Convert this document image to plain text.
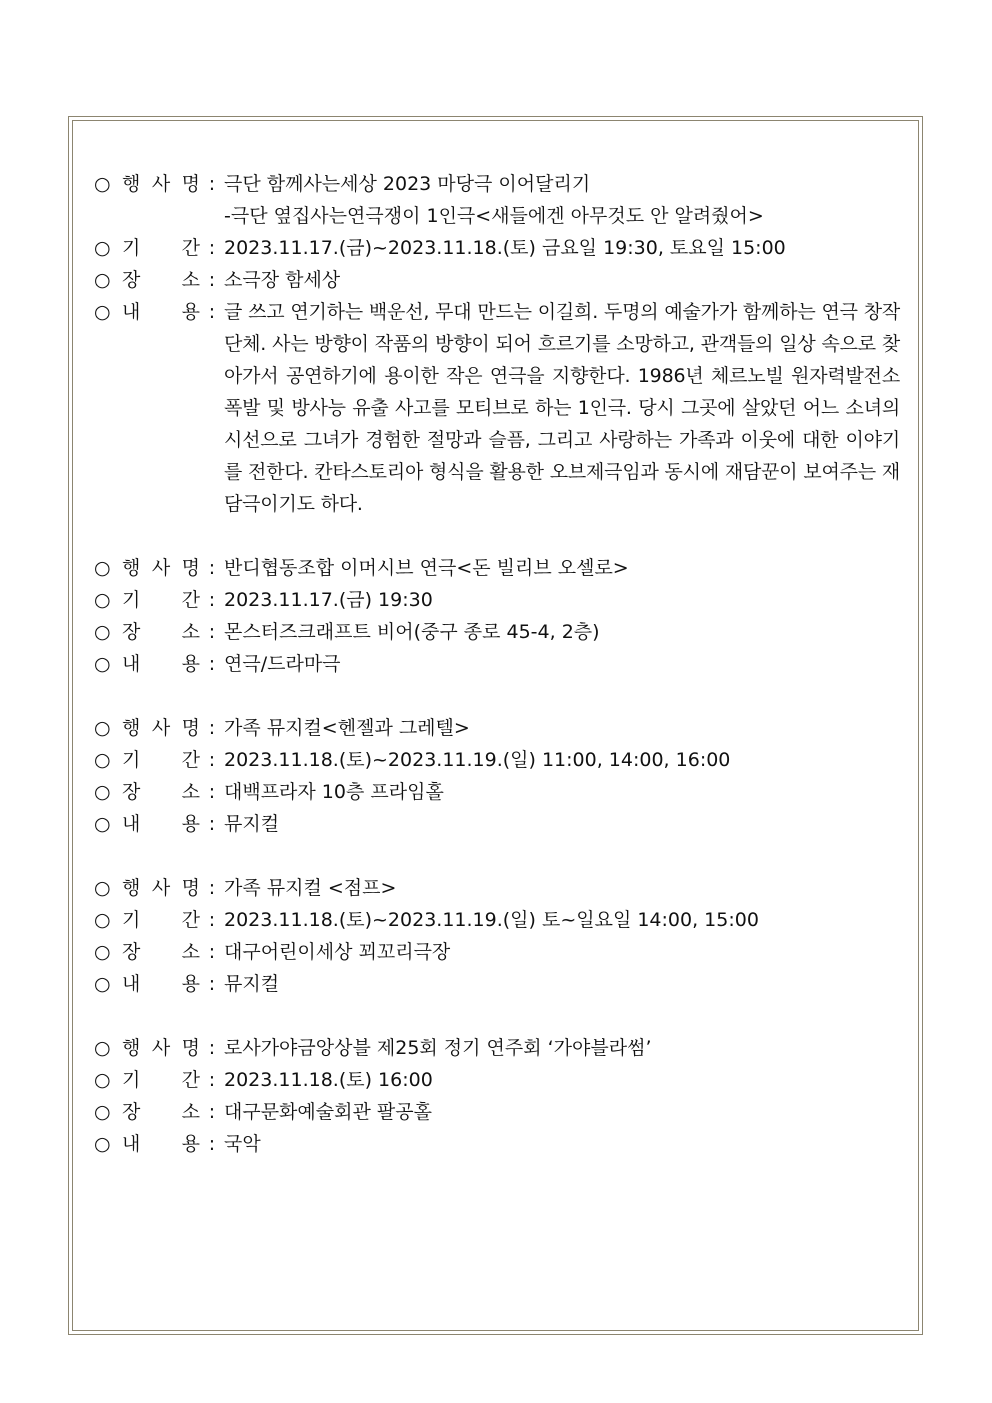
○ 행 사 명 : 극단 함께사는세상 2023 마당극 이어달리기
-극단 옆집사는연극쟁이 1인극<새들에겐 아무것도 안 알려줬어>
○ 기 간 : 2023.11.17.(금)~2023.11.18.(토) 금요일 19:30, 토요일 15:00
○ 장 소 : 소극장 함세상
○ 내 용 : 글 쓰고 연기하는 백운선, 무대 만드는 이길희. 두명의 예술가가 함께하는 연극 창작 단체. 사는 방향이 작품의 방향이 되어 흐르기를 소망하고, 관객들의 일상 속으로 찾아가서 공연하기에 용이한 작은 연극을 지향한다. 1986년 체르노빌 원자력발전소 폭발 및 방사능 유출 사고를 모티브로 하는 1인극. 당시 그곳에 살았던 어느 소녀의 시선으로 그녀가 경험한 절망과 슬픔, 그리고 사랑하는 가족과 이웃에 대한 이야기를 전한다. 칸타스토리아 형식을 활용한 오브제극임과 동시에 재담꾼이 보여주는 재담극이기도 하다.
○ 행 사 명 : 반디협동조합 이머시브 연극<돈 빌리브 오셀로>
○ 기 간 : 2023.11.17.(금) 19:30
○ 장 소 : 몬스터즈크래프트 비어(중구 종로 45-4, 2층)
○ 내 용 : 연극/드라마극
○ 행 사 명 : 가족 뮤지컬<헨젤과 그레텔>
○ 기 간 : 2023.11.18.(토)~2023.11.19.(일) 11:00, 14:00, 16:00
○ 장 소 : 대백프라자 10층 프라임홀
○ 내 용 : 뮤지컬
○ 행 사 명 : 가족 뮤지컬 <점프>
○ 기 간 : 2023.11.18.(토)~2023.11.19.(일) 토~일요일 14:00, 15:00
○ 장 소 : 대구어린이세상 꾀꼬리극장
○ 내 용 : 뮤지컬
○ 행 사 명 : 로사가야금앙상블 제25회 정기 연주회 ‘가야블라썸’
○ 기 간 : 2023.11.18.(토) 16:00
○ 장 소 : 대구문화예술회관 팔공홀
○ 내 용 : 국악
